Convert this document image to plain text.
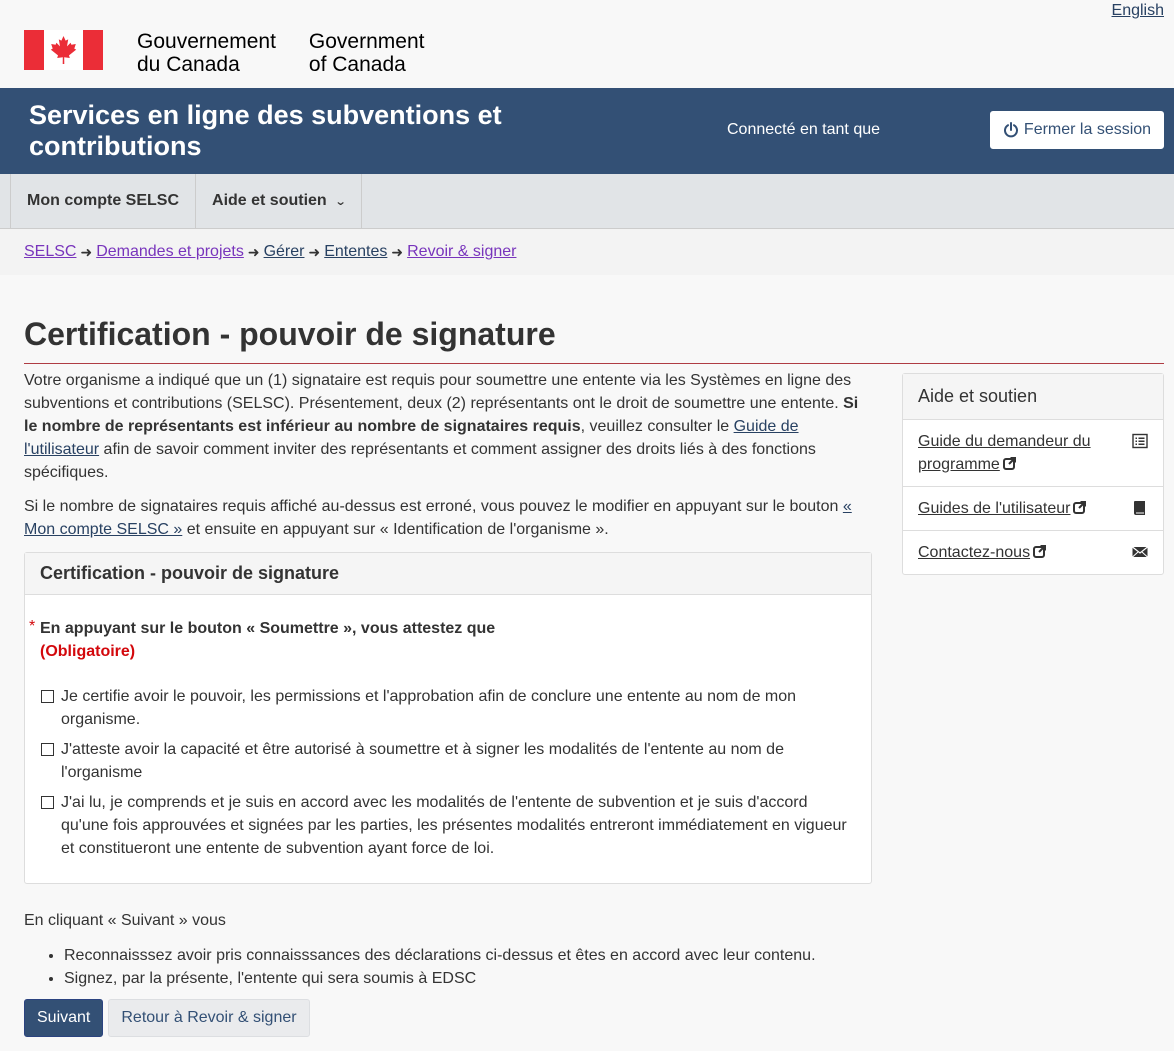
English
Gouvernement
du Canada
Government
of Canada
Services en ligne des subventions et contributions
Connecté en tant que	Fermer la session
Mon compte SELSC Aide et soutien ⌄
SELSC ➜ Demandes et projets ➜ Gérer ➜ Ententes ➜ Revoir & signer
Certification - pouvoir de signature

Votre organisme a indiqué que un (1) signataire est requis pour soumettre une entente via les Systèmes en ligne des subventions et contributions (SELSC). Présentement, deux (2) représentants ont le droit de soumettre une entente. Si le nombre de représentants est inférieur au nombre de signataires requis, veuillez consulter le Guide de l'utilisateur afin de savoir comment inviter des représentants et comment assigner des droits liés à des fonctions spécifiques.

Si le nombre de signataires requis affiché au-dessus est erroné, vous pouvez le modifier en appuyant sur le bouton « Mon compte SELSC » et ensuite en appuyant sur « Identification de l'organisme ».

Certification - pouvoir de signature
* En appuyant sur le bouton « Soumettre », vous attestez que
(Obligatoire)
Je certifie avoir le pouvoir, les permissions et l'approbation afin de conclure une entente au nom de mon organisme.
J'atteste avoir la capacité et être autorisé à soumettre et à signer les modalités de l'entente au nom de l'organisme
J'ai lu, je comprends et je suis en accord avec les modalités de l'entente de subvention et je suis d'accord qu'une fois approuvées et signées par les parties, les présentes modalités entreront immédiatement en vigueur et constitueront une entente de subvention ayant force de loi.
En cliquant « Suivant » vous
• Reconnaisssez avoir pris connaisssances des déclarations ci-dessus et êtes en accord avec leur contenu.
• Signez, par la présente, l'entente qui sera soumis à EDSC
Suivant	Retour à Revoir & signer
Aide et soutien
Guide du demandeur du programme
Guides de l'utilisateur
Contactez-nous
